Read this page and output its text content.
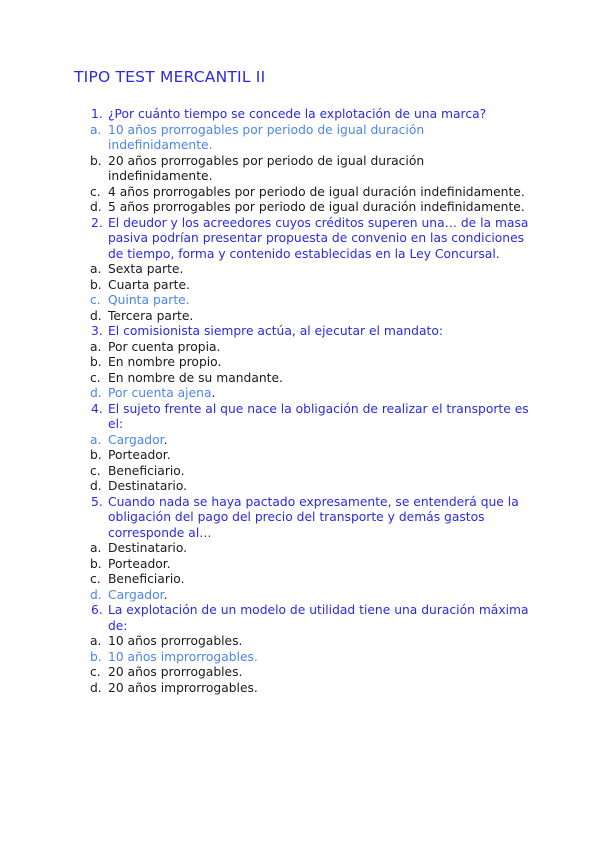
TIPO TEST MERCANTIL II
1. ¿Por cuánto tiempo se concede la explotación de una marca?
a. 10 años prorrogables por periodo de igual duración indefinidamente.
b. 20 años prorrogables por periodo de igual duración indefinidamente.
c. 4 años prorrogables por periodo de igual duración indefinidamente.
d. 5 años prorrogables por periodo de igual duración indefinidamente.
2. El deudor y los acreedores cuyos créditos superen una… de la masa pasiva podrían presentar propuesta de convenio en las condiciones de tiempo, forma y contenido establecidas en la Ley Concursal.
a. Sexta parte.
b. Cuarta parte.
c. Quinta parte.
d. Tercera parte.
3. El comisionista siempre actúa, al ejecutar el mandato:
a. Por cuenta propia.
b. En nombre propio.
c. En nombre de su mandante.
d. Por cuenta ajena.
4. El sujeto frente al que nace la obligación de realizar el transporte es el:
a. Cargador.
b. Porteador.
c. Beneficiario.
d. Destinatario.
5. Cuando nada se haya pactado expresamente, se entenderá que la obligación del pago del precio del transporte y demás gastos corresponde al…
a. Destinatario.
b. Porteador.
c. Beneficiario.
d. Cargador.
6. La explotación de un modelo de utilidad tiene una duración máxima de:
a. 10 años prorrogables.
b. 10 años improrrogables.
c. 20 años prorrogables.
d. 20 años improrrogables.
